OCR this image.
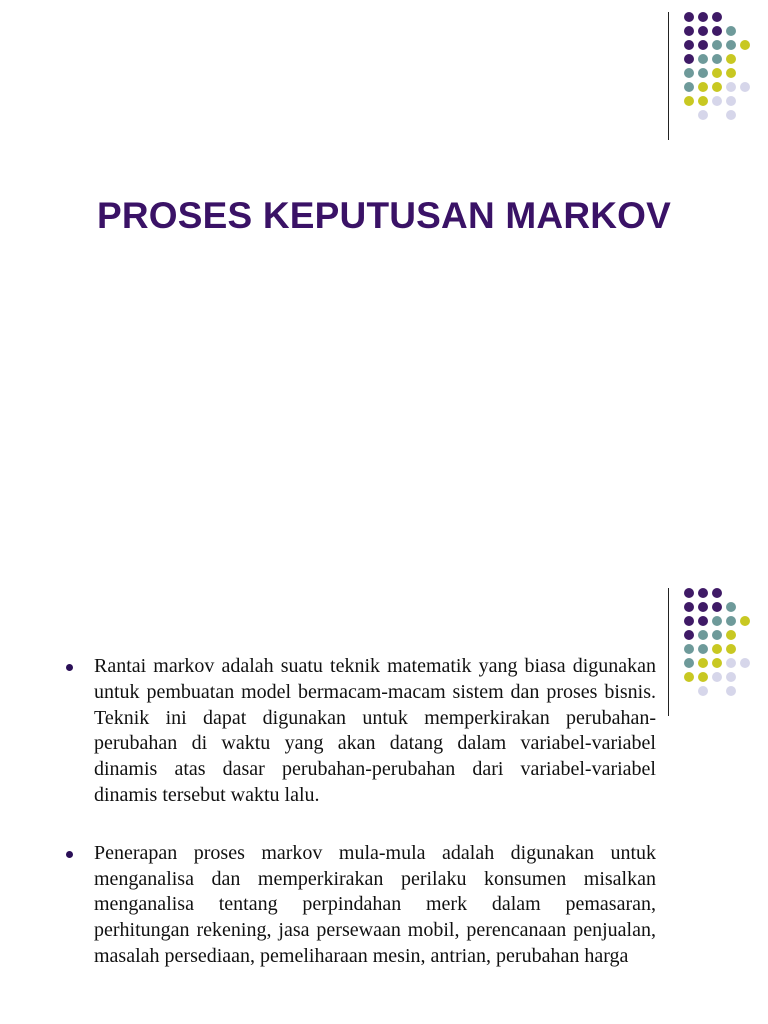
PROSES KEPUTUSAN MARKOV
Rantai markov adalah suatu teknik matematik yang biasa digunakan untuk pembuatan model bermacam-macam sistem dan proses bisnis. Teknik ini dapat digunakan untuk memperkirakan perubahan-perubahan di waktu yang akan datang dalam variabel-variabel dinamis atas dasar perubahan-perubahan dari variabel-variabel dinamis tersebut waktu lalu.
Penerapan proses markov mula-mula adalah digunakan untuk menganalisa dan memperkirakan perilaku konsumen misalkan menganalisa tentang perpindahan merk dalam pemasaran, perhitungan rekening, jasa persewaan mobil, perencanaan penjualan, masalah persediaan, pemeliharaan mesin, antrian, perubahan harga
